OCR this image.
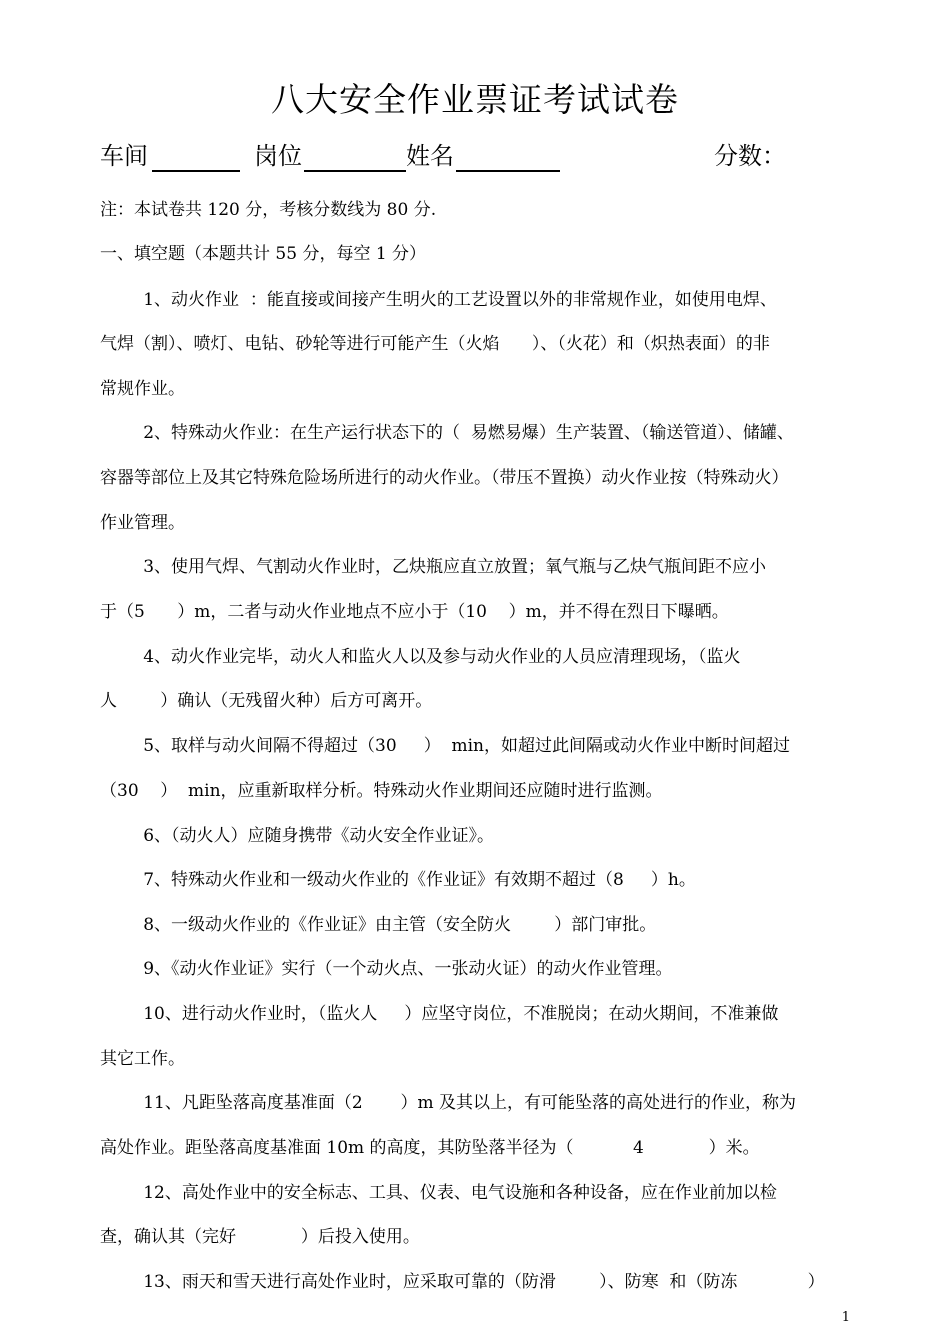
八大安全作业票证考试试卷
车间	岗位	姓名	分数：
注：本试卷共 120 分，考核分数线为 80 分.
一、填空题（本题共计 55 分，每空 1 分）
1、动火作业  ：能直接或间接产生明火的工艺设置以外的非常规作业，如使用电焊、
气焊（割）、喷灯、电钻、砂轮等进行可能产生（火焰      ）、（火花）和（炽热表面）的非
常规作业。
2、特殊动火作业：在生产运行状态下的（  易燃易爆）生产装置、（输送管道）、储罐、
容器等部位上及其它特殊危险场所进行的动火作业。（带压不置换）动火作业按（特殊动火）
作业管理。
3、使用气焊、气割动火作业时，乙炔瓶应直立放置；氧气瓶与乙炔气瓶间距不应小
于（5      ）m，二者与动火作业地点不应小于（10    ）m，并不得在烈日下曝晒。
4、动火作业完毕，动火人和监火人以及参与动火作业的人员应清理现场，（监火
人        ）确认（无残留火种）后方可离开。
5、取样与动火间隔不得超过（30     ）  min，如超过此间隔或动火作业中断时间超过
（30    ）  min，应重新取样分析。特殊动火作业期间还应随时进行监测。
6、（动火人）应随身携带《动火安全作业证》。
7、特殊动火作业和一级动火作业的《作业证》有效期不超过（8     ）h。
8、一级动火作业的《作业证》由主管（安全防火        ）部门审批。
9、《动火作业证》实行（一个动火点、一张动火证）的动火作业管理。
10、进行动火作业时，（监火人     ）应坚守岗位，不准脱岗；在动火期间，不准兼做
其它工作。
11、凡距坠落高度基准面（2       ）m 及其以上，有可能坠落的高处进行的作业，称为
高处作业。距坠落高度基准面 10m 的高度，其防坠落半径为（           4            ）米。
12、高处作业中的安全标志、工具、仪表、电气设施和各种设备，应在作业前加以检
查，确认其（完好            ）后投入使用。
13、雨天和雪天进行高处作业时，应采取可靠的（防滑        ）、防寒  和（防冻             ）
1
